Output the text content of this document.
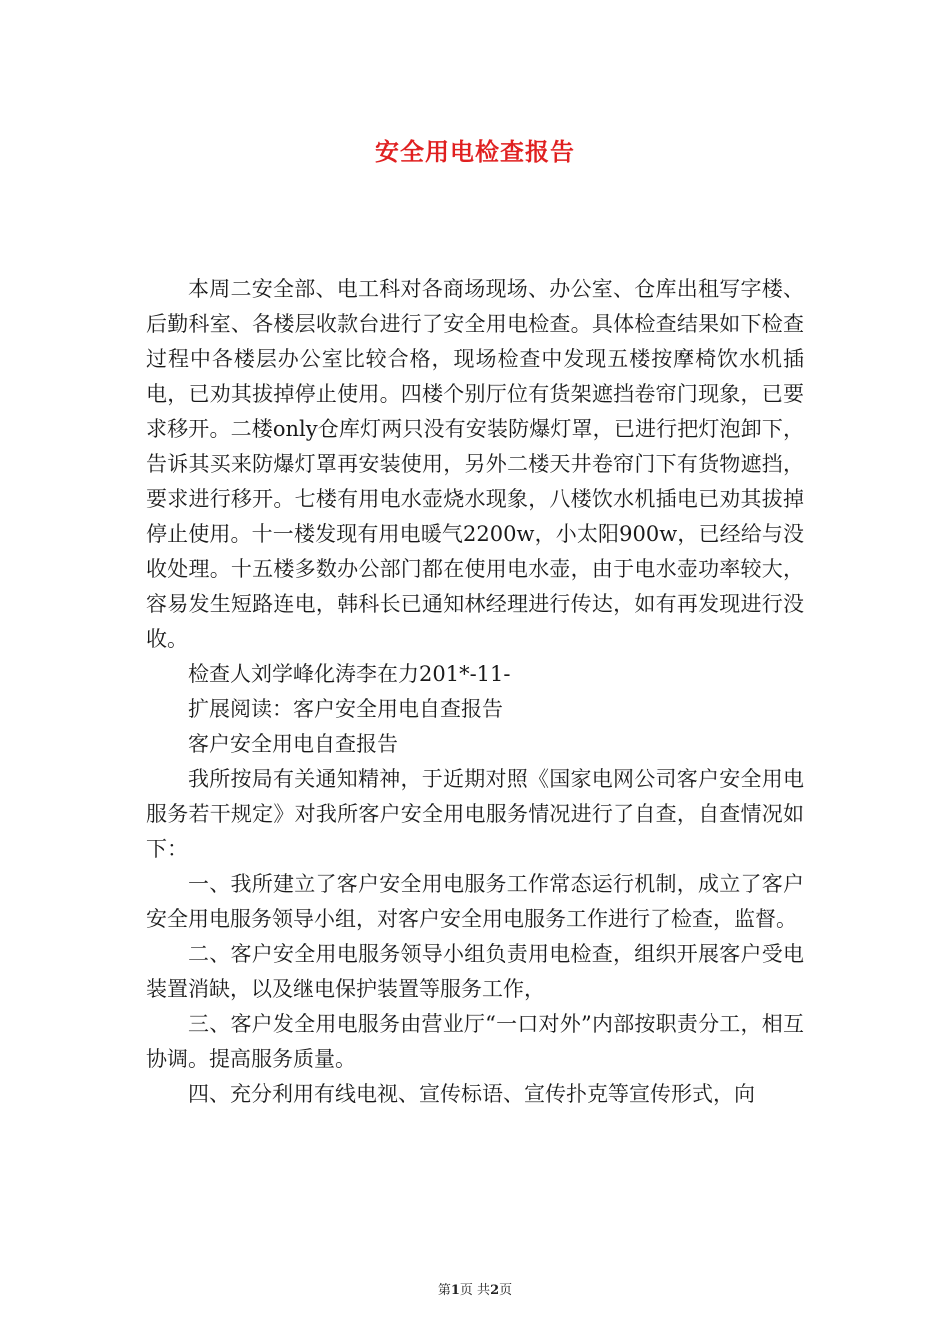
安全用电检查报告

本周二安全部、电工科对各商场现场、办公室、仓库出租写字楼、后勤科室、各楼层收款台进行了安全用电检查。具体检查结果如下检查过程中各楼层办公室比较合格，现场检查中发现五楼按摩椅饮水机插电，已劝其拔掉停止使用。四楼个别厅位有货架遮挡卷帘门现象，已要求移开。二楼only仓库灯两只没有安装防爆灯罩，已进行把灯泡卸下，告诉其买来防爆灯罩再安装使用，另外二楼天井卷帘门下有货物遮挡，要求进行移开。七楼有用电水壶烧水现象，八楼饮水机插电已劝其拔掉停止使用。十一楼发现有用电暖气2200w，小太阳900w，已经给与没收处理。十五楼多数办公部门都在使用电水壶，由于电水壶功率较大，容易发生短路连电，韩科长已通知林经理进行传达，如有再发现进行没收。

检查人刘学峰化涛李在力201*-11-

扩展阅读：客户安全用电自查报告

客户安全用电自查报告

我所按局有关通知精神，于近期对照《国家电网公司客户安全用电服务若干规定》对我所客户安全用电服务情况进行了自查，自查情况如下：

一、我所建立了客户安全用电服务工作常态运行机制，成立了客户安全用电服务领导小组，对客户安全用电服务工作进行了检查，监督。

二、客户安全用电服务领导小组负责用电检查，组织开展客户受电装置消缺，以及继电保护装置等服务工作，

三、客户发全用电服务由营业厅“一口对外”内部按职责分工，相互协调。提高服务质量。

四、充分利用有线电视、宣传标语、宣传扑克等宣传形式，向

第1页 共2页
